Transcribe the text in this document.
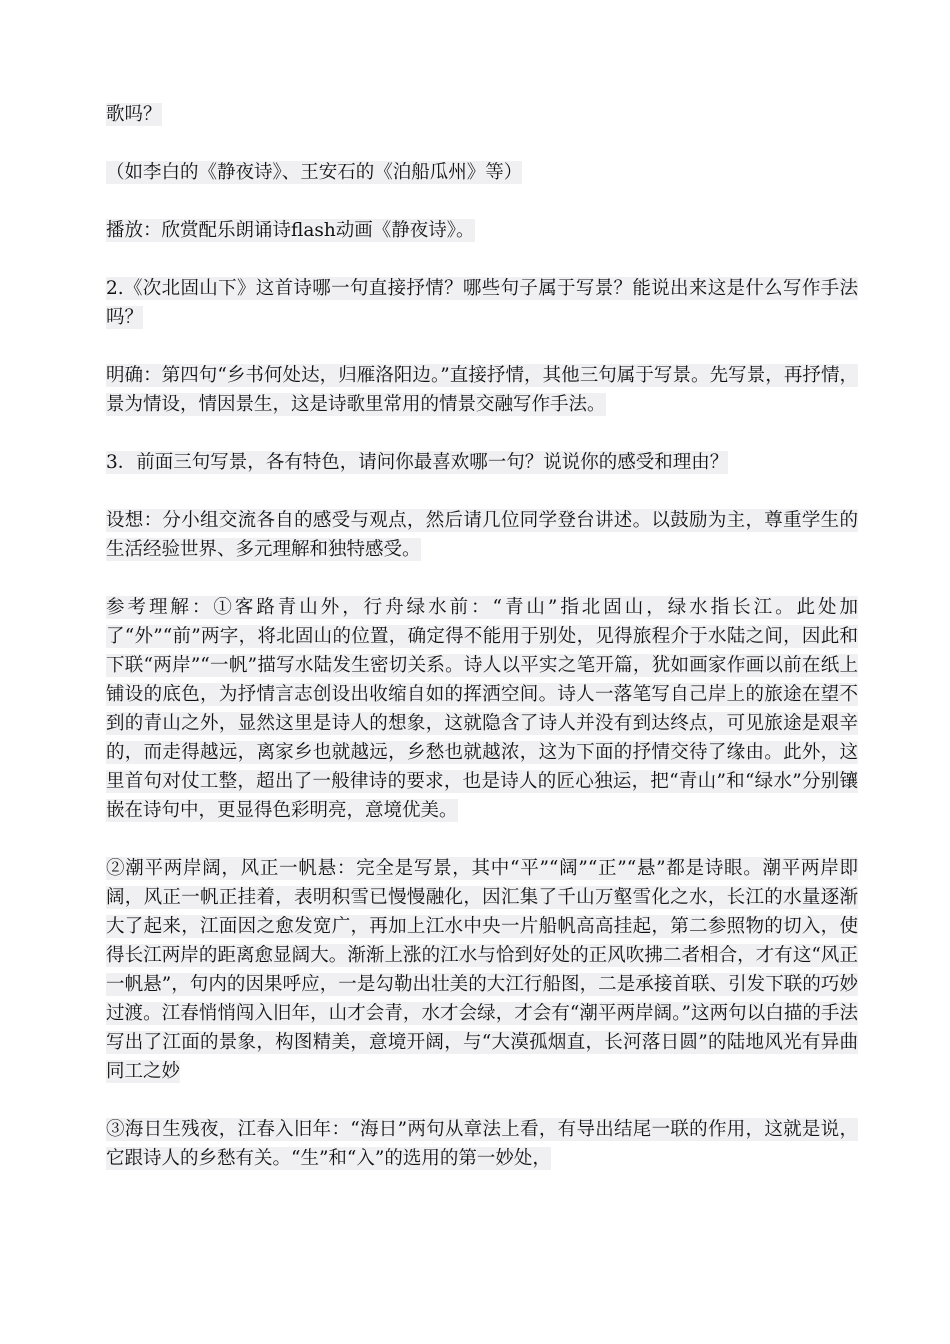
歌吗？

（如李白的《静夜诗》、王安石的《泊船瓜州》等）

播放：欣赏配乐朗诵诗flash动画《静夜诗》。

2.《次北固山下》这首诗哪一句直接抒情？哪些句子属于写景？能说出来这是什么写作手法吗？

明确：第四句“乡书何处达，归雁洛阳边。”直接抒情，其他三句属于写景。先写景，再抒情，景为情设，情因景生，这是诗歌里常用的情景交融写作手法。

3．前面三句写景，各有特色，请问你最喜欢哪一句？说说你的感受和理由？

设想：分小组交流各自的感受与观点，然后请几位同学登台讲述。以鼓励为主，尊重学生的生活经验世界、多元理解和独特感受。

参考理解：①客路青山外，行舟绿水前：“青山”指北固山，绿水指长江。此处加了“外”“前”两字，将北固山的位置，确定得不能用于别处，见得旅程介于水陆之间，因此和下联“两岸”“一帆”描写水陆发生密切关系。诗人以平实之笔开篇，犹如画家作画以前在纸上铺设的底色，为抒情言志创设出收缩自如的挥洒空间。诗人一落笔写自己岸上的旅途在望不到的青山之外，显然这里是诗人的想象，这就隐含了诗人并没有到达终点，可见旅途是艰辛的，而走得越远，离家乡也就越远，乡愁也就越浓，这为下面的抒情交待了缘由。此外，这里首句对仗工整，超出了一般律诗的要求，也是诗人的匠心独运，把“青山”和“绿水”分别镶嵌在诗句中，更显得色彩明亮，意境优美。

②潮平两岸阔，风正一帆悬：完全是写景，其中“平”“阔”“正”“悬”都是诗眼。潮平两岸即阔，风正一帆正挂着，表明积雪已慢慢融化，因汇集了千山万壑雪化之水，长江的水量逐渐大了起来，江面因之愈发宽广，再加上江水中央一片船帆高高挂起，第二参照物的切入，使得长江两岸的距离愈显阔大。渐渐上涨的江水与恰到好处的正风吹拂二者相合，才有这“风正一帆悬”，句内的因果呼应，一是勾勒出壮美的大江行船图，二是承接首联、引发下联的巧妙过渡。江春悄悄闯入旧年，山才会青，水才会绿，才会有“潮平两岸阔。”这两句以白描的手法写出了江面的景象，构图精美，意境开阔，与“大漠孤烟直，长河落日圆”的陆地风光有异曲同工之妙

③海日生残夜，江春入旧年：“海日”两句从章法上看，有导出结尾一联的作用，这就是说，它跟诗人的乡愁有关。“生”和“入”的选用的第一妙处，
